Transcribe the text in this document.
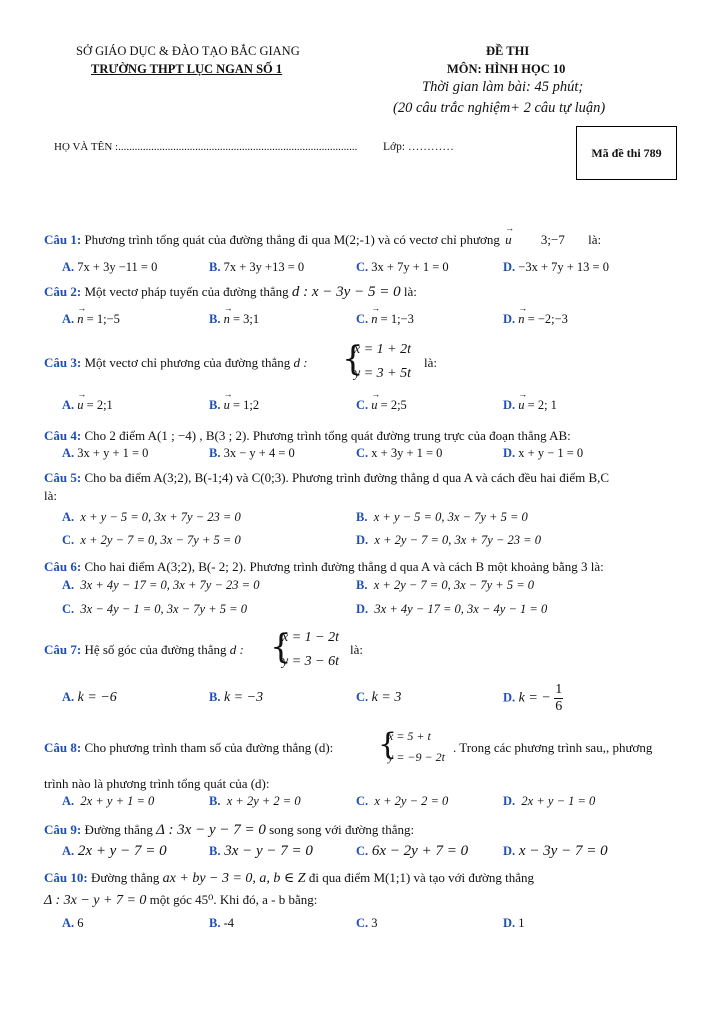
SỞ GIÁO DỤC & ĐÀO TẠO BẮC GIANG
TRƯỜNG THPT LỤC NGAN SỐ 1
ĐỀ THI
MÔN: HÌNH HỌC 10
Thời gian làm bài: 45 phút;
(20 câu trắc nghiệm+ 2 câu tự luận)
HỌ VÀ TÊN :....................................................................................... Lớp: …………	Mã đề thi 789
Câu 1: Phương trình tổng quát của đường thẳng đi qua M(2;-1) và có vectơ chỉ phương → u 3;−7 là:
A. 7x + 3y −11 = 0	B. 7x + 3y +13 = 0	C. 3x + 7y + 1 = 0	D. −3x + 7y + 13 = 0
Câu 2: Một vectơ pháp tuyến của đường thẳng d : x − 3y − 5 = 0 là:
A. → n = 1;−5	B. → n = 3;1	C. → n = 1;−3	D. → n = −2;−3
Câu 3: Một vectơ chỉ phương của đường thẳng d : {
x = 1 + 2t
y = 3 + 5t
là:
A. → u = 2;1	B. → u = 1;2	C. → u = 2;5	D. → u = 2; 1
Câu 4: Cho 2 điểm A(1 ; −4) , B(3 ; 2). Phương trình tổng quát đường trung trực của đoạn thẳng AB:
A. 3x + y + 1 = 0	B. 3x − y + 4 = 0	C. x + 3y + 1 = 0	D. x + y − 1 = 0
Câu 5: Cho ba điểm A(3;2), B(-1;4) và C(0;3). Phương trình đường thẳng d qua A và cách đều hai điểm B,C
là:
A. x + y − 5 = 0, 3x + 7y − 23 = 0	B. x + y − 5 = 0, 3x − 7y + 5 = 0
C. x + 2y − 7 = 0, 3x − 7y + 5 = 0	D. x + 2y − 7 = 0, 3x + 7y − 23 = 0
Câu 6: Cho hai điểm A(3;2), B(- 2; 2). Phương trình đường thẳng d qua A và cách B một khoảng bằng 3 là:
A. 3x + 4y − 17 = 0, 3x + 7y − 23 = 0	B. x + 2y − 7 = 0, 3x − 7y + 5 = 0
C. 3x − 4y − 1 = 0, 3x − 7y + 5 = 0	D. 3x + 4y − 17 = 0, 3x − 4y − 1 = 0
Câu 7: Hệ số góc của đường thẳng d : {
x = 1 − 2t
y = 3 − 6t
là:
A. k = −6	B. k = −3	C. k = 3	D. k = − $\frac{1}{6}$
Câu 8: Cho phương trình tham số của đường thẳng (d): {
x = 5 + t
y = −9 − 2t
. Trong các phương trình sau,, phương
trình nào là phương trình tổng quát của (d):
A. 2x + y + 1 = 0	B. x + 2y + 2 = 0	C. x + 2y − 2 = 0	D. 2x + y − 1 = 0
Câu 9: Đường thẳng Δ : 3x − y − 7 = 0 song song với đường thẳng:
A. 2x + y − 7 = 0	B. 3x − y − 7 = 0	C. 6x − 2y + 7 = 0	D. x − 3y − 7 = 0
Câu 10: Đường thẳng ax + by − 3 = 0, a, b ∈ Z đi qua điểm M(1;1) và tạo với đường thẳng
Δ : 3x − y + 7 = 0 một góc 45⁰. Khi đó, a - b bằng:
A. 6	B. -4	C. 3	D. 1
